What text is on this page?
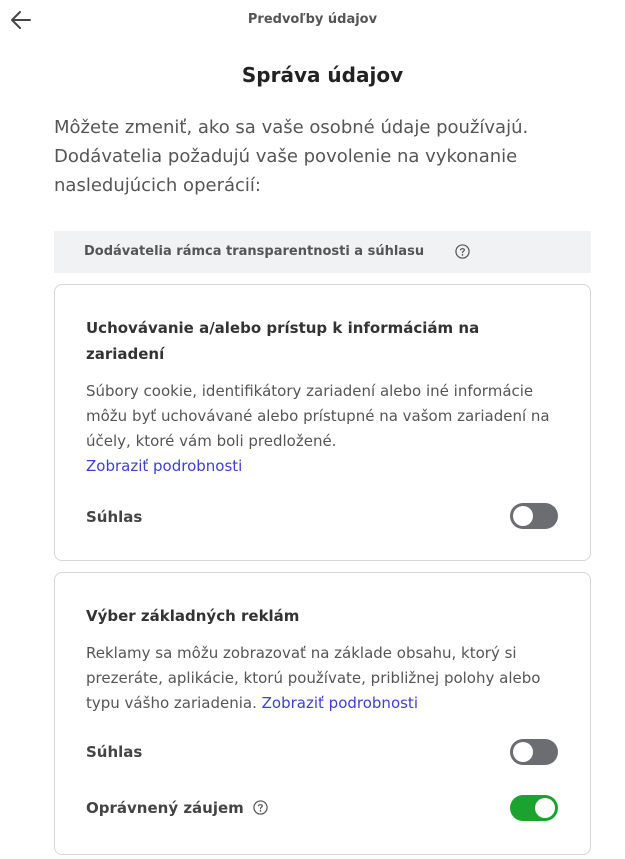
Predvoľby údajov
Správa údajov
Môžete zmeniť, ako sa vaše osobné údaje používajú. Dodávatelia požadujú vaše povolenie na vykonanie nasledujúcich operácií:
Dodávatelia rámca transparentnosti a súhlasu
Uchovávanie a/alebo prístup k informáciám na zariadení
Súbory cookie, identifikátory zariadení alebo iné informácie môžu byť uchovávané alebo prístupné na vašom zariadení na účely, ktoré vám boli predložené.
Zobraziť podrobnosti
Súhlas
Výber základných reklám
Reklamy sa môžu zobrazovať na základe obsahu, ktorý si prezeráte, aplikácie, ktorú používate, približnej polohy alebo typu vášho zariadenia. Zobraziť podrobnosti
Súhlas
Oprávnený záujem
